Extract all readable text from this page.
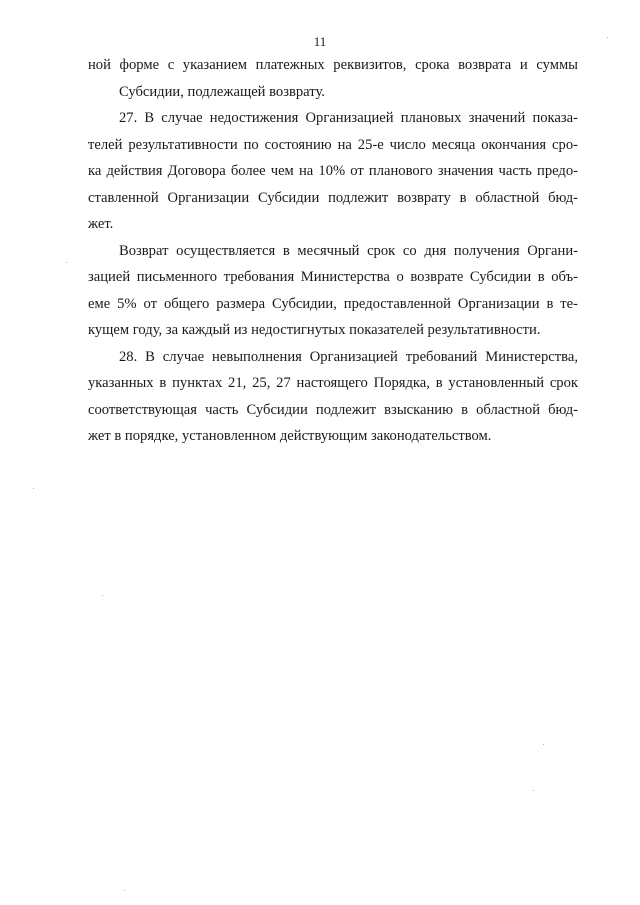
11
ной форме с указанием платежных реквизитов, срока возврата и суммы
Субсидии, подлежащей возврату.
27. В случае недостижения Организацией плановых значений показа-
телей результативности по состоянию на 25-е число месяца окончания сро-
ка действия Договора более чем на 10% от планового значения часть предо-
ставленной Организации Субсидии подлежит возврату в областной бюд-
жет.
Возврат осуществляется в месячный срок со дня получения Органи-
зацией письменного требования Министерства о возврате Субсидии в объ-
еме 5% от общего размера Субсидии, предоставленной Организации в те-
кущем году, за каждый из недостигнутых показателей результативности.
28. В случае невыполнения Организацией требований Министерства,
указанных в пунктах 21, 25, 27 настоящего Порядка, в установленный срок
соответствующая часть Субсидии подлежит взысканию в областной бюд-
жет в порядке, установленном действующим законодательством.
